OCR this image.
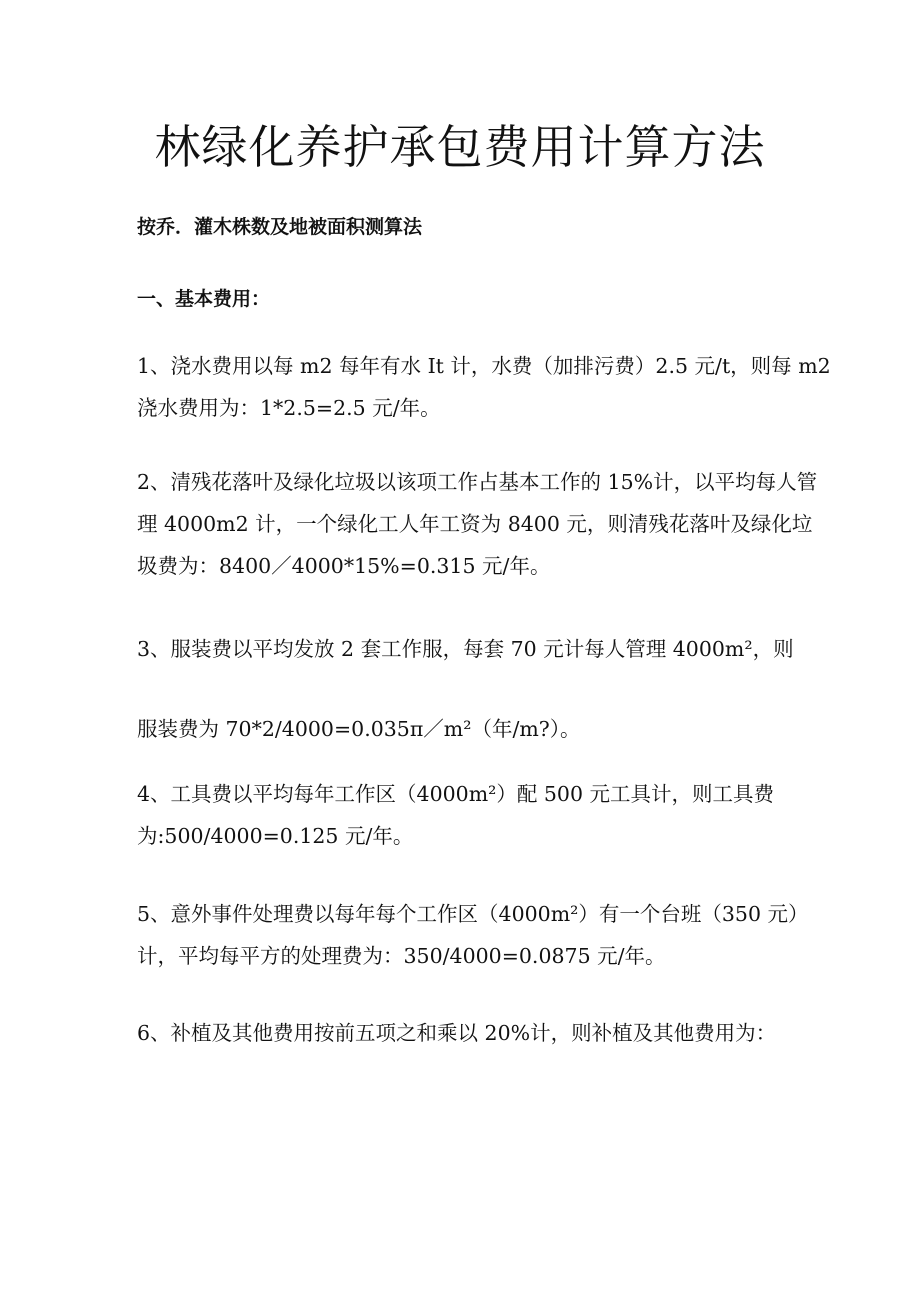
林绿化养护承包费用计算方法

按乔．灌木株数及地被面积测算法

一、基本费用：

1、浇水费用以每 m2 每年有水 It 计，水费（加排污费）2.5 元/t，则每 m2
浇水费用为：1*2.5=2.5 元/年。
2、清残花落叶及绿化垃圾以该项工作占基本工作的 15%计，以平均每人管
理 4000m2 计，一个绿化工人年工资为 8400 元，则清残花落叶及绿化垃
圾费为：8400／4000*15%=0.315 元/年。
3、服装费以平均发放 2 套工作服，每套 70 元计每人管理 4000m²，则
服装费为 70*2/4000=0.035π／m²（年/m?）。
4、工具费以平均每年工作区（4000m²）配 500 元工具计，则工具费
为:500/4000=0.125 元/年。
5、意外事件处理费以每年每个工作区（4000m²）有一个台班（350 元）
计，平均每平方的处理费为：350/4000=0.0875 元/年。
6、补植及其他费用按前五项之和乘以 20%计，则补植及其他费用为：
